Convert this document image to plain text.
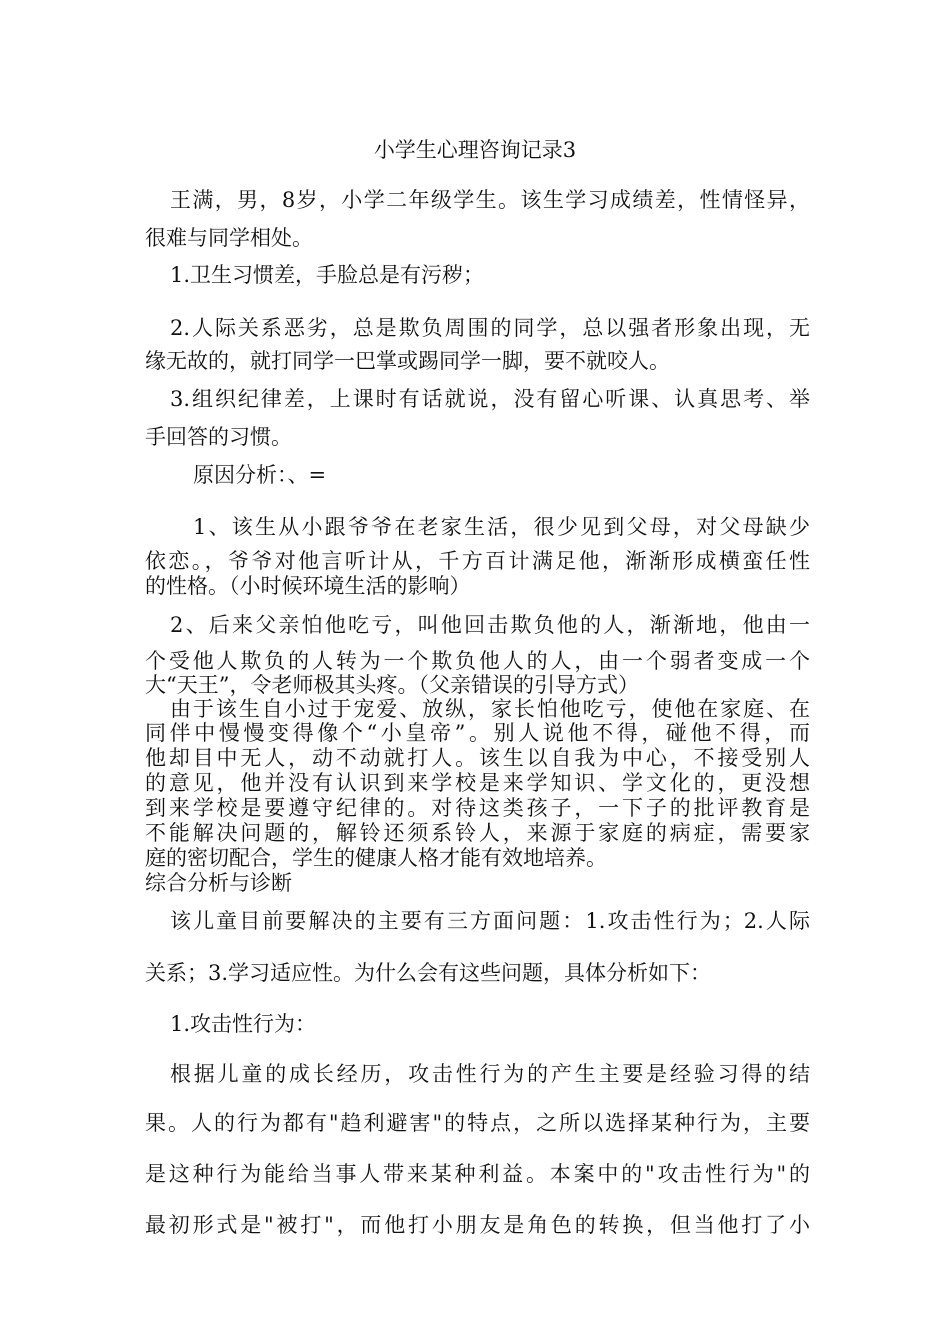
小学生心理咨询记录3
王满，男，8岁，小学二年级学生。该生学习成绩差，性情怪异，
很难与同学相处。
1.卫生习惯差，手脸总是有污秽；
2.人际关系恶劣，总是欺负周围的同学，总以强者形象出现，无
缘无故的，就打同学一巴掌或踢同学一脚，要不就咬人。
3.组织纪律差，上课时有话就说，没有留心听课、认真思考、举
手回答的习惯。
原因分析：、=
1、该生从小跟爷爷在老家生活，很少见到父母，对父母缺少
依恋。，爷爷对他言听计从，千方百计满足他，渐渐形成横蛮任性
的性格。（小时候环境生活的影响）
2、后来父亲怕他吃亏，叫他回击欺负他的人，渐渐地，他由一
个受他人欺负的人转为一个欺负他人的人，由一个弱者变成一个
大“天王”，令老师极其头疼。（父亲错误的引导方式）
由于该生自小过于宠爱、放纵，家长怕他吃亏，使他在家庭、在
同伴中慢慢变得像个“小皇帝”。别人说他不得，碰他不得，而
他却目中无人，动不动就打人。该生以自我为中心，不接受别人
的意见，他并没有认识到来学校是来学知识、学文化的，更没想
到来学校是要遵守纪律的。对待这类孩子，一下子的批评教育是
不能解决问题的，解铃还须系铃人，来源于家庭的病症，需要家
庭的密切配合，学生的健康人格才能有效地培养。
综合分析与诊断
该儿童目前要解决的主要有三方面问题：1.攻击性行为；2.人际
关系；3.学习适应性。为什么会有这些问题，具体分析如下：
1.攻击性行为：
根据儿童的成长经历，攻击性行为的产生主要是经验习得的结
果。人的行为都有"趋利避害"的特点，之所以选择某种行为，主要
是这种行为能给当事人带来某种利益。本案中的"攻击性行为"的
最初形式是"被打"，而他打小朋友是角色的转换，但当他打了小
